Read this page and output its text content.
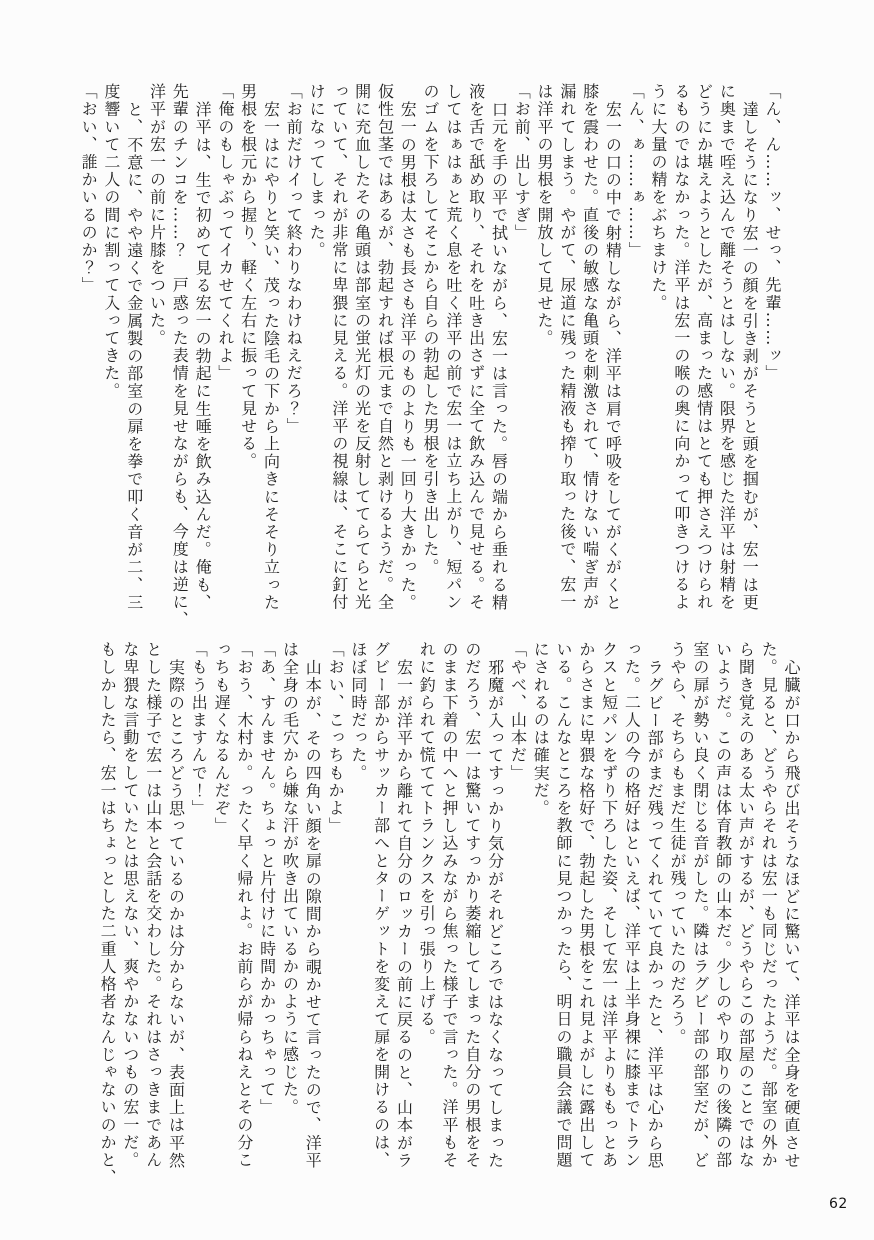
「ん、ん……ッ、せっ、先輩……ッ」
達しそうになり宏一の顔を引き剥がそうと頭を掴むが、宏一は更
に奥まで咥え込んで離そうとはしない。限界を感じた洋平は射精を
どうにか堪えようとしたが、高まった感情はとても押さえつけられ
るものではなかった。洋平は宏一の喉の奥に向かって叩きつけるよ
うに大量の精をぶちまけた。
「ん、ぁ……ぁ……」
宏一の口の中で射精しながら、洋平は肩で呼吸をしてがくがくと
膝を震わせた。直後の敏感な亀頭を刺激されて、情けない喘ぎ声が
漏れてしまう。やがて、尿道に残った精液も搾り取った後で、宏一
は洋平の男根を開放して見せた。
「お前、出しすぎ」
口元を手の平で拭いながら、宏一は言った。唇の端から垂れる精
液を舌で舐め取り、それを吐き出さずに全て飲み込んで見せる。そ
してはぁはぁと荒く息を吐く洋平の前で宏一は立ち上がり、短パン
のゴムを下ろしてそこから自らの勃起した男根を引き出した。
宏一の男根は太さも長さも洋平のものよりも一回り大きかった。
仮性包茎ではあるが、勃起すれば根元まで自然と剥けるようだ。全
開に充血したその亀頭は部室の蛍光灯の光を反射しててらてらと光
っていて、それが非常に卑猥に見える。洋平の視線は、そこに釘付
けになってしまった。
「お前だけイって終わりなわけねえだろ？」
宏一はにやりと笑い、茂った陰毛の下から上向きにそそり立った
男根を根元から握り、軽く左右に振って見せる。
「俺のもしゃぶってイカせてくれよ」
洋平は、生で初めて見る宏一の勃起に生唾を飲み込んだ。俺も、
先輩のチンコを……？　戸惑った表情を見せながらも、今度は逆に、
洋平が宏一の前に片膝をついた。
と、不意に、やや遠くで金属製の部室の扉を拳で叩く音が二、三
度響いて二人の間に割って入ってきた。
「おい、誰かいるのか？」
心臓が口から飛び出そうなほどに驚いて、洋平は全身を硬直させ
た。見ると、どうやらそれは宏一も同じだったようだ。部室の外か
ら聞き覚えのある太い声がするが、どうやらこの部屋のことではな
いようだ。この声は体育教師の山本だ。少しのやり取りの後隣の部
室の扉が勢い良く閉じる音がした。隣はラグビー部の部室だが、ど
うやら、そちらもまだ生徒が残っていたのだろう。
ラグビー部がまだ残ってくれていて良かったと、洋平は心から思
った。二人の今の格好はといえば、洋平は上半身裸に膝までトラン
クスと短パンをずり下ろした姿、そして宏一は洋平よりももっとあ
からさまに卑猥な格好で、勃起した男根をこれ見よがしに露出して
いる。こんなところを教師に見つかったら、明日の職員会議で問題
にされるのは確実だ。
「やべ、山本だ」
邪魔が入ってすっかり気分がそれどころではなくなってしまった
のだろう、宏一は驚いてすっかり萎縮してしまった自分の男根をそ
のまま下着の中へと押し込みながら焦った様子で言った。洋平もそ
れに釣られて慌ててトランクスを引っ張り上げる。
宏一が洋平から離れて自分のロッカーの前に戻るのと、山本がラ
グビー部からサッカー部へとターゲットを変えて扉を開けるのは、
ほぼ同時だった。
「おい、こっちもかよ」
山本が、その四角い顔を扉の隙間から覗かせて言ったので、洋平
は全身の毛穴から嫌な汗が吹き出ているかのように感じた。
「あ、すんません。ちょっと片付けに時間かかっちゃって」
「おう、木村か。ったく早く帰れよ。お前らが帰らねえとその分こ
っちも遅くなるんだぞ」
「もう出ますんで！」
実際のところどう思っているのかは分からないが、表面上は平然
とした様子で宏一は山本と会話を交わした。それはさっきまであん
な卑猥な言動をしていたとは思えない、爽やかないつもの宏一だ。
もしかしたら、宏一はちょっとした二重人格者なんじゃないのかと、
62
